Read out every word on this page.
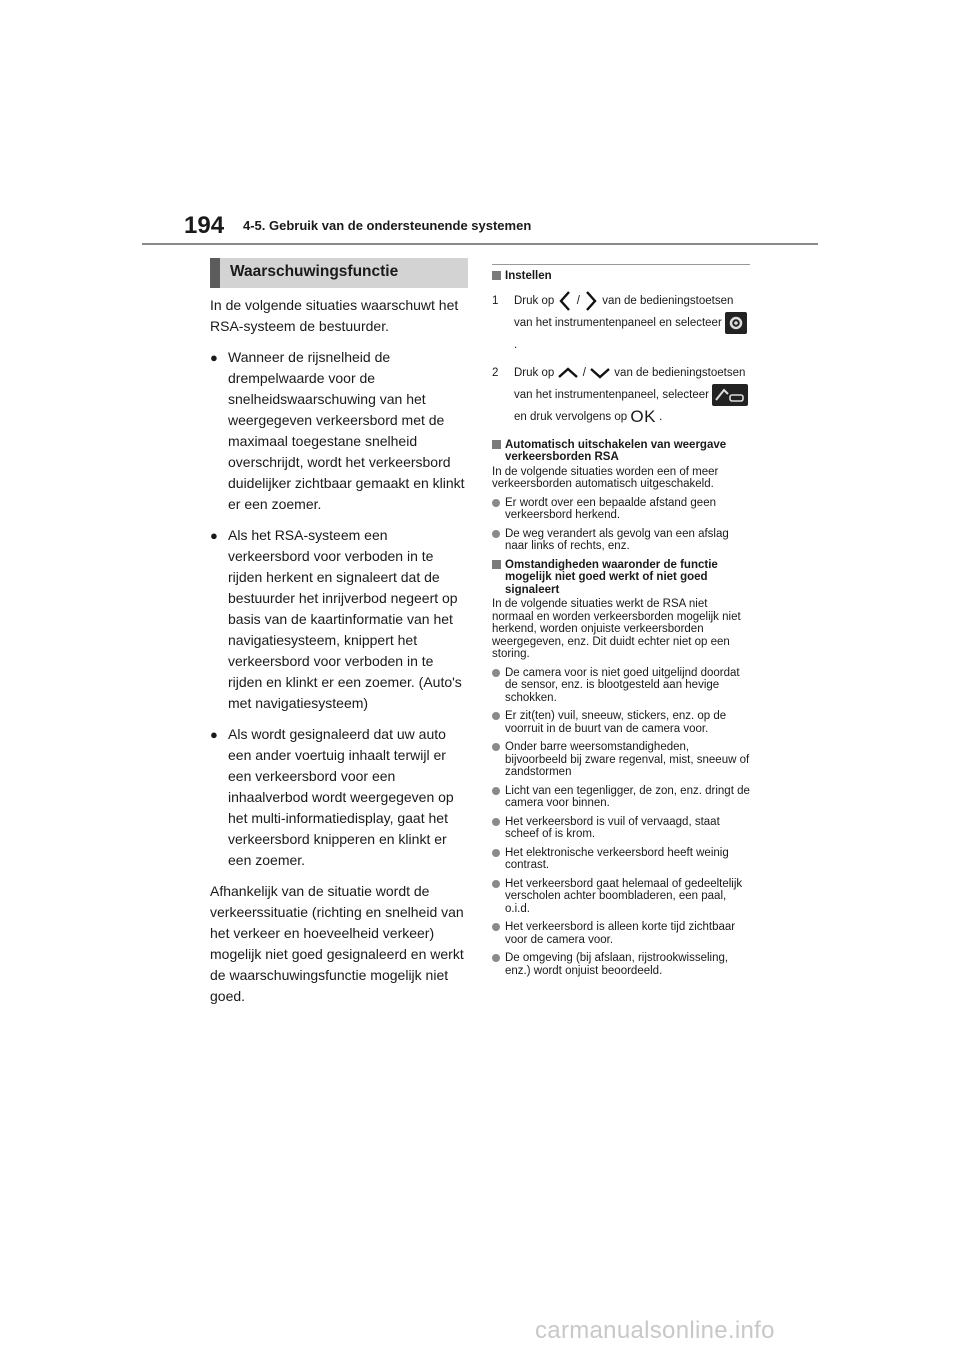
194 4-5. Gebruik van de ondersteunende systemen
Waarschuwingsfunctie

In de volgende situaties waarschuwt het RSA-systeem de bestuurder.

● Wanneer de rijsnelheid de drempelwaarde voor de snelheidswaarschuwing van het weergegeven verkeersbord met de maximaal toegestane snelheid overschrijdt, wordt het verkeersbord duidelijker zichtbaar gemaakt en klinkt er een zoemer.
● Als het RSA-systeem een verkeersbord voor verboden in te rijden herkent en signaleert dat de bestuurder het inrijverbod negeert op basis van de kaartinformatie van het navigatiesysteem, knippert het verkeersbord voor verboden in te rijden en klinkt er een zoemer. (Auto's met navigatiesysteem)
● Als wordt gesignaleerd dat uw auto een ander voertuig inhaalt terwijl er een verkeersbord voor een inhaalverbod wordt weergegeven op het multi-informatiedisplay, gaat het verkeersbord knipperen en klinkt er een zoemer.

Afhankelijk van de situatie wordt de verkeerssituatie (richting en snelheid van het verkeer en hoeveelheid verkeer) mogelijk niet goed gesignaleerd en werkt de waarschuwingsfunctie mogelijk niet goed.

Instellen
1 Druk op / van de bedieningstoetsen van het instrumentenpaneel en selecteer .
2 Druk op / van de bedieningstoetsen van het instrumentenpaneel, selecteer  en druk vervolgens op OK .
Automatisch uitschakelen van weergave verkeersborden RSA

In de volgende situaties worden een of meer verkeersborden automatisch uitgeschakeld.

Er wordt over een bepaalde afstand geen verkeersbord herkend.
De weg verandert als gevolg van een afslag naar links of rechts, enz.
Omstandigheden waaronder de functie mogelijk niet goed werkt of niet goed signaleert

In de volgende situaties werkt de RSA niet normaal en worden verkeersborden mogelijk niet herkend, worden onjuiste verkeersborden weergegeven, enz. Dit duidt echter niet op een storing.

De camera voor is niet goed uitgelijnd doordat de sensor, enz. is blootgesteld aan hevige schokken.
Er zit(ten) vuil, sneeuw, stickers, enz. op de voorruit in de buurt van de camera voor.
Onder barre weersomstandigheden, bijvoorbeeld bij zware regenval, mist, sneeuw of zandstormen
Licht van een tegenligger, de zon, enz. dringt de camera voor binnen.
Het verkeersbord is vuil of vervaagd, staat scheef of is krom.
Het elektronische verkeersbord heeft weinig contrast.
Het verkeersbord gaat helemaal of gedeeltelijk verscholen achter boombladeren, een paal, o.i.d.
Het verkeersbord is alleen korte tijd zichtbaar voor de camera voor.
De omgeving (bij afslaan, rijstrookwisseling, enz.) wordt onjuist beoordeeld.
carmanualsonline.info
